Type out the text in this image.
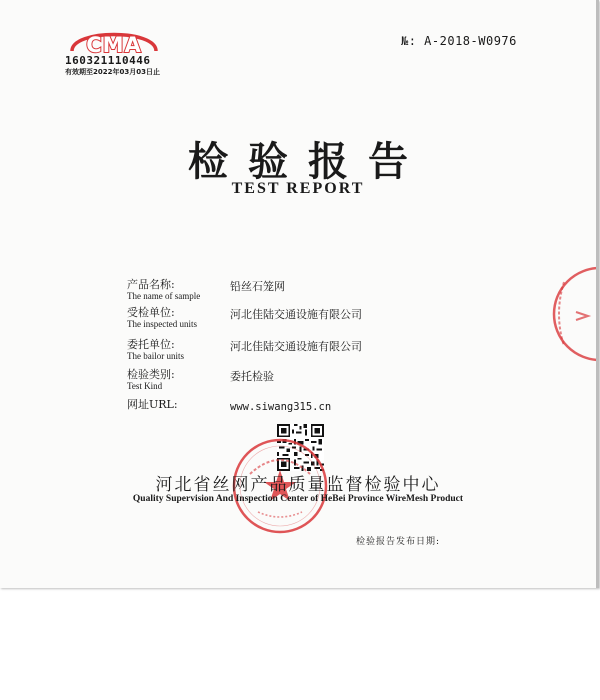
CMA
160321110446
有效期至2022年03月03日止
№: A-2018-W0976
检验报告
TEST REPORT
产品名称:
The name of sample
铅丝石笼网
受检单位:
The inspected units
河北佳陆交通设施有限公司
委托单位:
The bailor units
河北佳陆交通设施有限公司
检验类别:
Test Kind
委托检验
网址URL:	www.siwang315.cn
河北省丝网产品质量监督检验中心
Quality Supervision And Inspection Center of HeBei Province WireMesh Product
检验报告发布日期:
